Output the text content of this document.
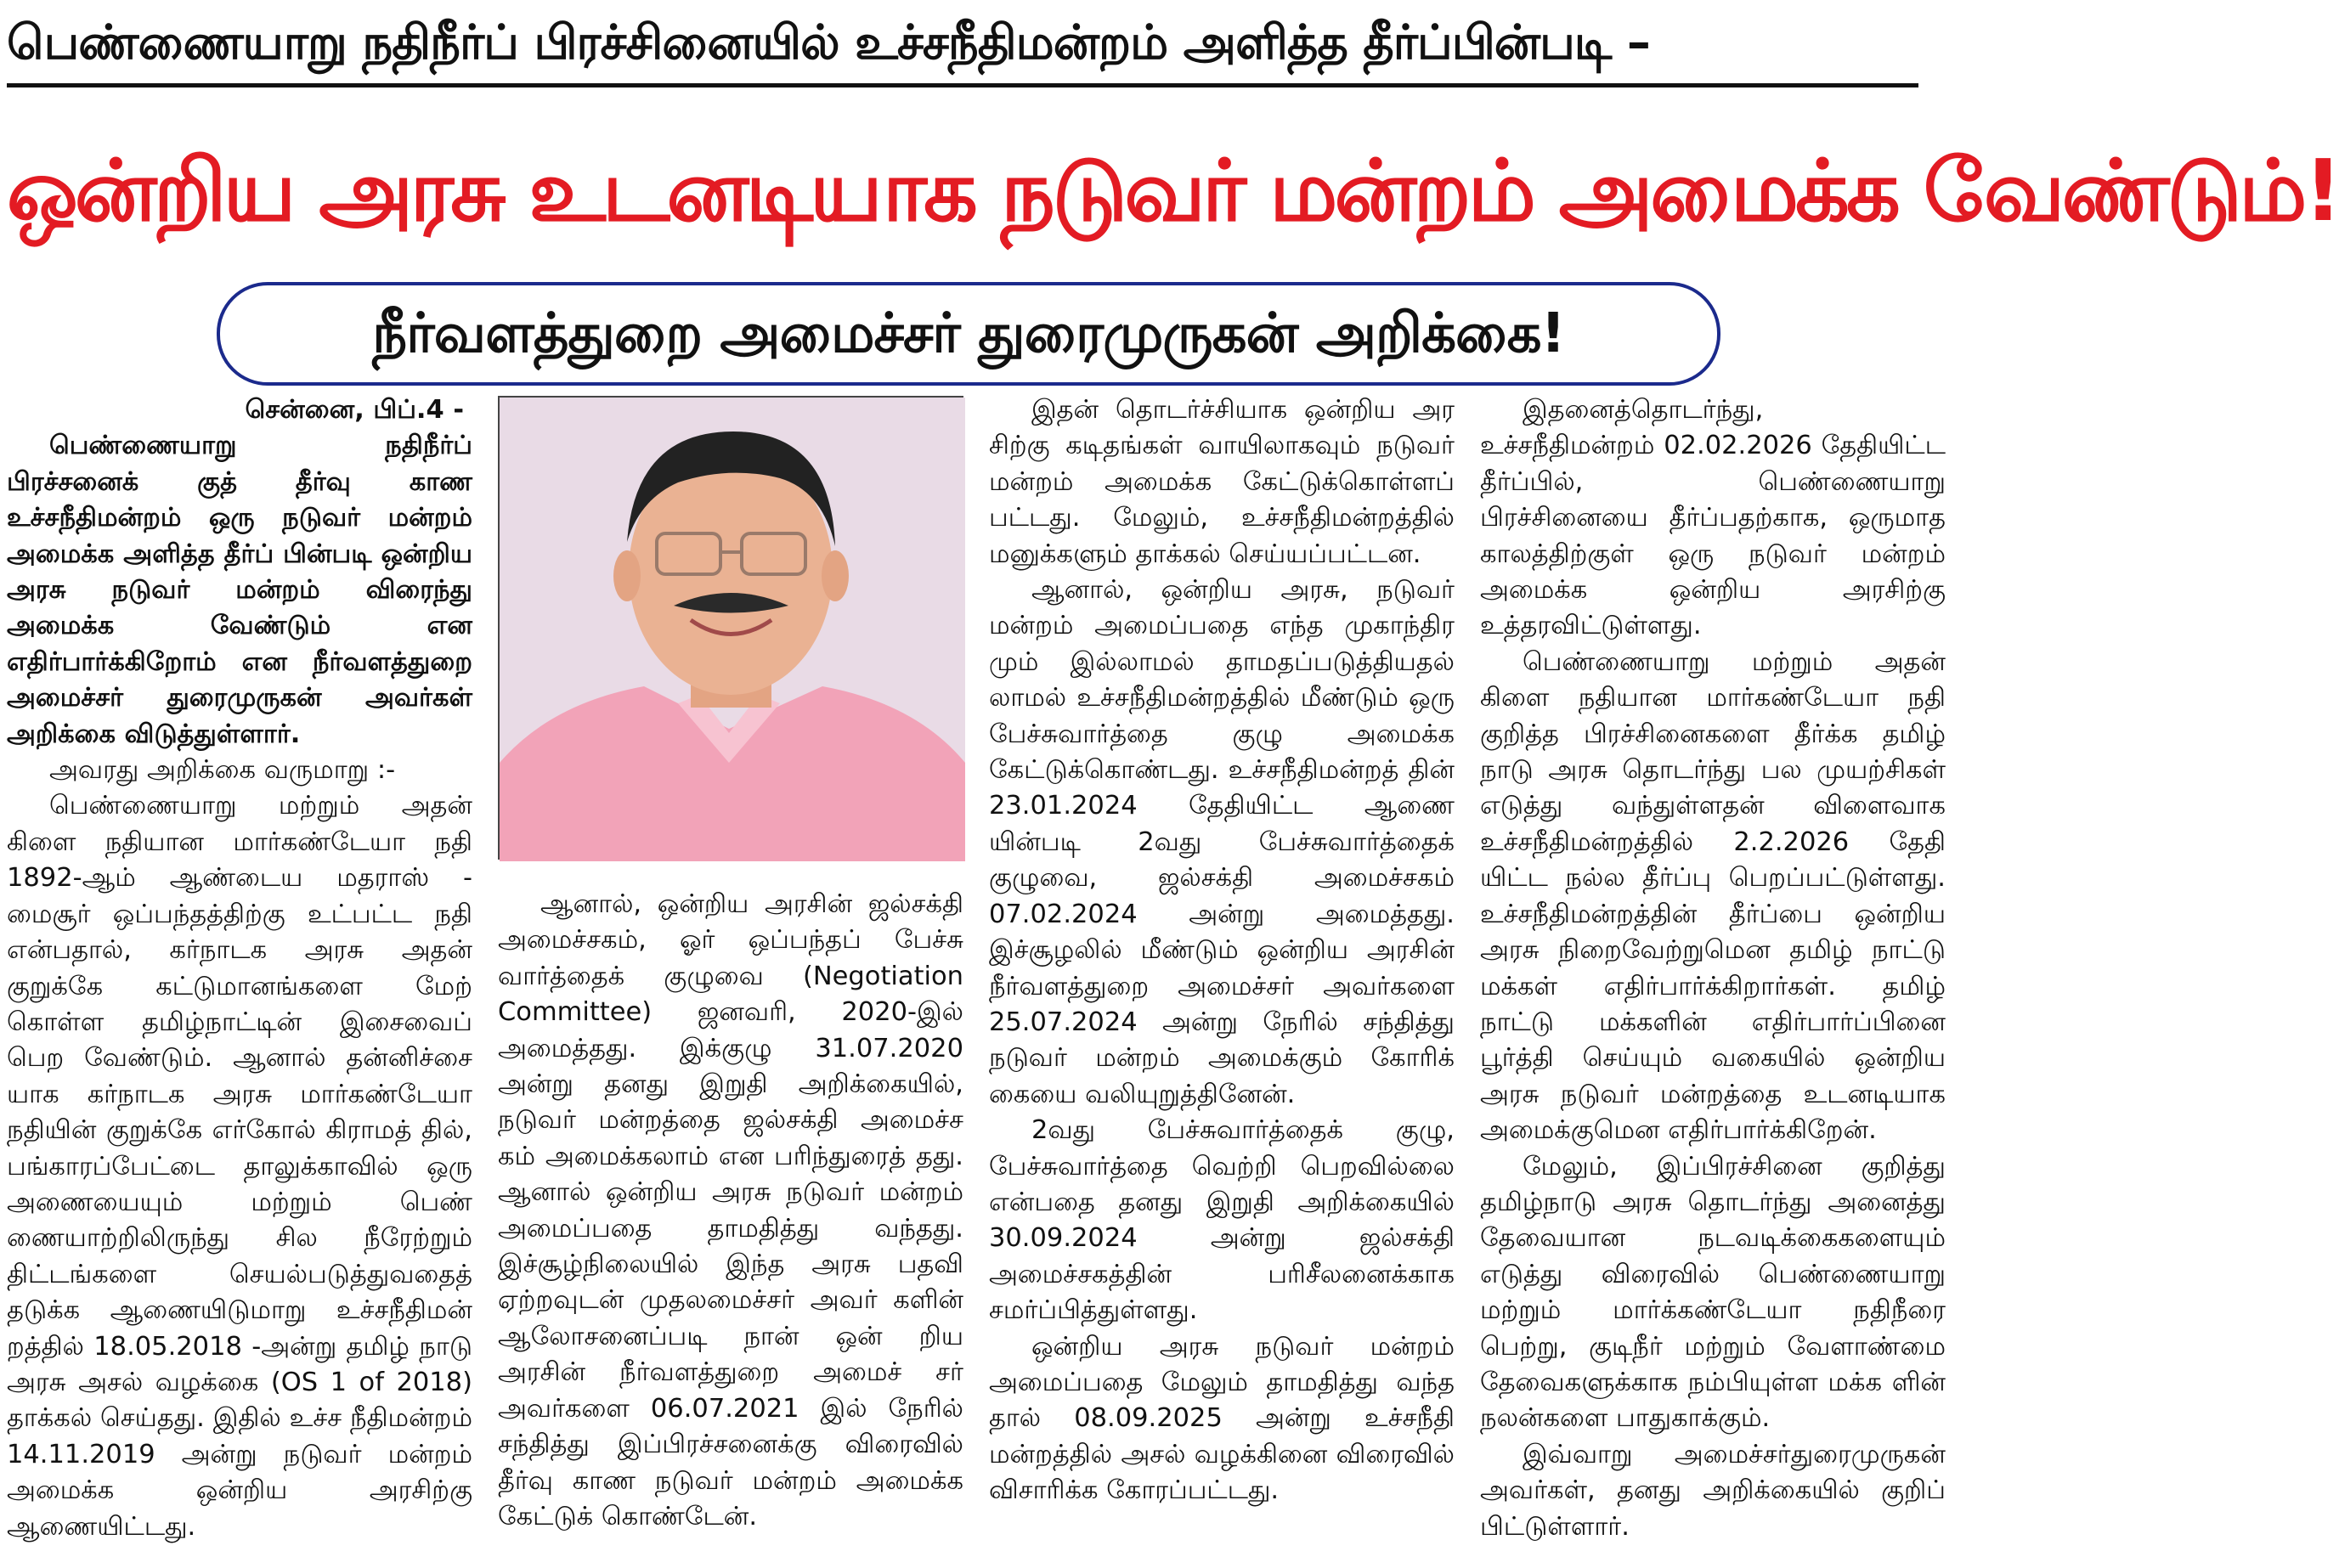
பெண்ணையாறு நதிநீர்ப் பிரச்சினையில் உச்சநீதிமன்றம் அளித்த தீர்ப்பின்படி –
ஒன்றிய அரசு உடனடியாக நடுவர் மன்றம் அமைக்க வேண்டும்!
நீர்வளத்துறை அமைச்சர் துரைமுருகன் அறிக்கை!

சென்னை, பிப்.4 -

பெண்ணையாறு நதிநீர்ப் பிரச்சனைக் குத் தீர்வு காண உச்சநீதிமன்றம் ஒரு நடுவர் மன்றம் அமைக்க அளித்த தீர்ப் பின்படி ஒன்றிய அரசு நடுவர் மன்றம் விரைந்து அமைக்க வேண்டும் என எதிர்பார்க்கிறோம் என நீர்வளத்துறை அமைச்சர் துரைமுருகன் அவர்கள் அறிக்கை விடுத்துள்ளார்.

அவரது அறிக்கை வருமாறு :-

பெண்ணையாறு மற்றும் அதன் கிளை நதியான மார்கண்டேயா நதி 1892-ஆம் ஆண்டைய மதராஸ் - மைசூர் ஒப்பந்தத்திற்கு உட்பட்ட நதி என்பதால், கர்நாடக அரசு அதன் குறுக்கே கட்டுமானங்களை மேற் கொள்ள தமிழ்நாட்டின் இசைவைப் பெற வேண்டும். ஆனால் தன்னிச்சை யாக கர்நாடக அரசு மார்கண்டேயா நதியின் குறுக்கே எர்கோல் கிராமத் தில், பங்காரப்பேட்டை தாலுக்காவில் ஒரு அணையையும் மற்றும் பெண் ணையாற்றிலிருந்து சில நீரேற்றும் திட்டங்களை செயல்படுத்துவதைத் தடுக்க ஆணையிடுமாறு உச்சநீதிமன் றத்தில் 18.05.2018 -அன்று தமிழ் நாடு அரசு அசல் வழக்கை (OS 1 of 2018) தாக்கல் செய்தது. இதில் உச்ச நீதிமன்றம் 14.11.2019 அன்று நடுவர் மன்றம் அமைக்க ஒன்றிய அரசிற்கு ஆணையிட்டது.

ஆனால், ஒன்றிய அரசின் ஜல்சக்தி அமைச்சகம், ஓர் ஒப்பந்தப் பேச்சு வார்த்தைக் குழுவை (Negotiation Committee) ஜனவரி, 2020-இல் அமைத்தது. இக்குழு 31.07.2020 அன்று தனது இறுதி அறிக்கையில், நடுவர் மன்றத்தை ஜல்சக்தி அமைச்ச கம் அமைக்கலாம் என பரிந்துரைத் தது. ஆனால் ஒன்றிய அரசு நடுவர் மன்றம் அமைப்பதை தாமதித்து வந்தது. இச்சூழ்நிலையில் இந்த அரசு பதவி ஏற்றவுடன் முதலமைச்சர் அவர் களின் ஆலோசனைப்படி நான் ஒன் றிய அரசின் நீர்வளத்துறை அமைச் சர் அவர்களை 06.07.2021 இல் நேரில் சந்தித்து இப்பிரச்சனைக்கு விரைவில் தீர்வு காண நடுவர் மன்றம் அமைக்க கேட்டுக் கொண்டேன்.

இதன் தொடர்ச்சியாக ஒன்றிய அர சிற்கு கடிதங்கள் வாயிலாகவும் நடுவர் மன்றம் அமைக்க கேட்டுக்கொள்ளப் பட்டது. மேலும், உச்சநீதிமன்றத்தில் மனுக்களும் தாக்கல் செய்யப்பட்டன.

ஆனால், ஒன்றிய அரசு, நடுவர் மன்றம் அமைப்பதை எந்த முகாந்திர மும் இல்லாமல் தாமதப்படுத்தியதல் லாமல் உச்சநீதிமன்றத்தில் மீண்டும் ஒரு பேச்சுவார்த்தை குழு அமைக்க கேட்டுக்கொண்டது. உச்சநீதிமன்றத் தின் 23.01.2024 தேதியிட்ட ஆணை யின்படி 2வது பேச்சுவார்த்தைக் குழுவை, ஜல்சக்தி அமைச்சகம் 07.02.2024 அன்று அமைத்தது. இச்சூழலில் மீண்டும் ஒன்றிய அரசின் நீர்வளத்துறை அமைச்சர் அவர்களை 25.07.2024 அன்று நேரில் சந்தித்து நடுவர் மன்றம் அமைக்கும் கோரிக் கையை வலியுறுத்தினேன்.

2வது பேச்சுவார்த்தைக் குழு, பேச்சுவார்த்தை வெற்றி பெறவில்லை என்பதை தனது இறுதி அறிக்கையில் 30.09.2024 அன்று ஜல்சக்தி அமைச்சகத்தின் பரிசீலனைக்காக சமர்ப்பித்துள்ளது.

ஒன்றிய அரசு நடுவர் மன்றம் அமைப்பதை மேலும் தாமதித்து வந்த தால் 08.09.2025 அன்று உச்சநீதி மன்றத்தில் அசல் வழக்கினை விரைவில் விசாரிக்க கோரப்பட்டது.

இதனைத்தொடர்ந்து, உச்சநீதிமன்றம் 02.02.2026 தேதியிட்ட தீர்ப்பில், பெண்ணையாறு பிரச்சினையை தீர்ப்பதற்காக, ஒருமாத காலத்திற்குள் ஒரு நடுவர் மன்றம் அமைக்க ஒன்றிய அரசிற்கு உத்தரவிட்டுள்ளது.

பெண்ணையாறு மற்றும் அதன் கிளை நதியான மார்கண்டேயா நதி குறித்த பிரச்சினைகளை தீர்க்க தமிழ் நாடு அரசு தொடர்ந்து பல முயற்சிகள் எடுத்து வந்துள்ளதன் விளைவாக உச்சநீதிமன்றத்தில் 2.2.2026 தேதி யிட்ட நல்ல தீர்ப்பு பெறப்பட்டுள்ளது. உச்சநீதிமன்றத்தின் தீர்ப்பை ஒன்றிய அரசு நிறைவேற்றுமென தமிழ் நாட்டு மக்கள் எதிர்பார்க்கிறார்கள். தமிழ் நாட்டு மக்களின் எதிர்பார்ப்பினை பூர்த்தி செய்யும் வகையில் ஒன்றிய அரசு நடுவர் மன்றத்தை உடனடியாக அமைக்குமென எதிர்பார்க்கிறேன்.

மேலும், இப்பிரச்சினை குறித்து தமிழ்நாடு அரசு தொடர்ந்து அனைத்து தேவையான நடவடிக்கைகளையும் எடுத்து விரைவில் பெண்ணையாறு மற்றும் மார்க்கண்டேயா நதிநீரை பெற்று, குடிநீர் மற்றும் வேளாண்மை தேவைகளுக்காக நம்பியுள்ள மக்க ளின் நலன்களை பாதுகாக்கும்.

இவ்வாறு அமைச்சர்துரைமுருகன் அவர்கள், தனது அறிக்கையில் குறிப் பிட்டுள்ளார்.
